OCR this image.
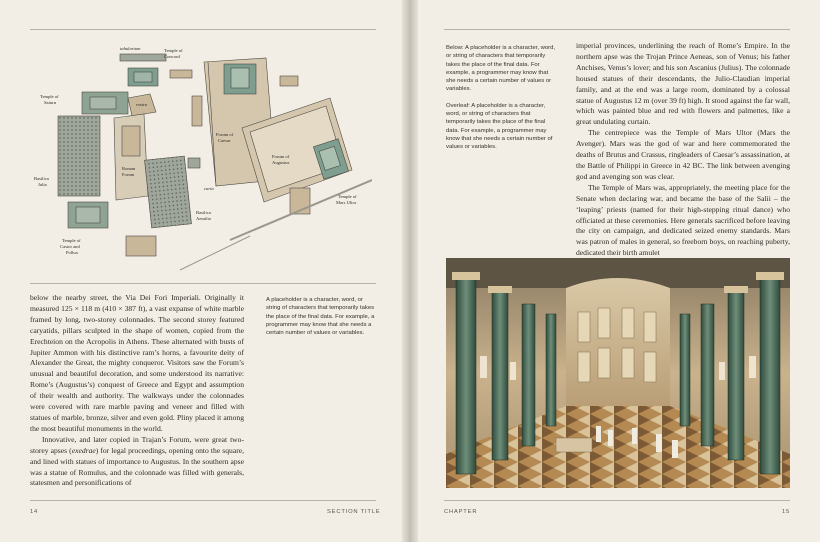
tabularium	Temple of
Concord
Temple of
Saturn	rostra
Forum of
Caesar
Forum of
Augustus
Roman
Forum
Basilica
Julia
curia
Temple of
Mars Ultor
Basilica
Aemilia
Temple of
Castor and
Pollux

below the nearby street, the Via Dei Fori Imperiali. Originally it measured 125 × 118 m (410 × 387 ft), a vast expanse of white marble framed by long, two-storey colonnades. The second storey featured caryatids, pillars sculpted in the shape of women, copied from the Erechteion on the Acropolis in Athens. These alternated with busts of Jupiter Ammon with his distinctive ram’s horns, a favourite deity of Alexander the Great, the mighty conqueror. Visitors saw the Forum’s unusual and beautiful decoration, and some understood its narrative: Rome’s (Augustus’s) conquest of Greece and Egypt and assumption of their wealth and authority. The walkways under the colonnades were covered with rare marble paving and veneer and filled with statues of marble, bronze, silver and even gold. Pliny placed it among the most beautiful monuments in the world.

Innovative, and later copied in Trajan’s Forum, were great two-storey apses (exedrae) for legal proceedings, opening onto the square, and lined with statues of importance to Augustus. In the southern apse was a statue of Romulus, and the colonnade was filled with generals, statesmen and personifications of

A placeholder is a character, word, or string of characters that temporarily takes the place of the final data. For example, a programmer may know that she needs a certain number of values or variables.

14	SECTION TITLE

Below: A placeholder is a character, word, or string of characters that temporarily takes the place of the final data. For example, a programmer may know that she needs a certain number of values or variables.

Overleaf: A placeholder is a character, word, or string of characters that temporarily takes the place of the final data. For example, a programmer may know that she needs a certain number of values or variables.

imperial provinces, underlining the reach of Rome’s Empire. In the northern apse was the Trojan Prince Aeneas, son of Venus; his father Anchises, Venus’s lover; and his son Ascanius (Julius). The colonnade housed statues of their descendants, the Julio-Claudian imperial family, and at the end was a large room, dominated by a colossal statue of Augustus 12 m (over 39 ft) high. It stood against the far wall, which was painted blue and red with flowers and palmettes, like a great undulating curtain.

The centrepiece was the Temple of Mars Ultor (Mars the Avenger). Mars was the god of war and here commemorated the deaths of Brutus and Crassus, ringleaders of Caesar’s assassination, at the Battle of Philippi in Greece in 42 BC. The link between avenging god and avenging son was clear.

The Temple of Mars was, appropriately, the meeting place for the Senate when declaring war, and became the base of the Salii – the ‘leaping’ priests (named for their high-stepping ritual dance) who officiated at these ceremonies. Here generals sacrificed before leaving the city on campaign, and dedicated seized enemy standards. Mars was patron of males in general, so freeborn boys, on reaching puberty, dedicated their birth amulet

CHAPTER	15
